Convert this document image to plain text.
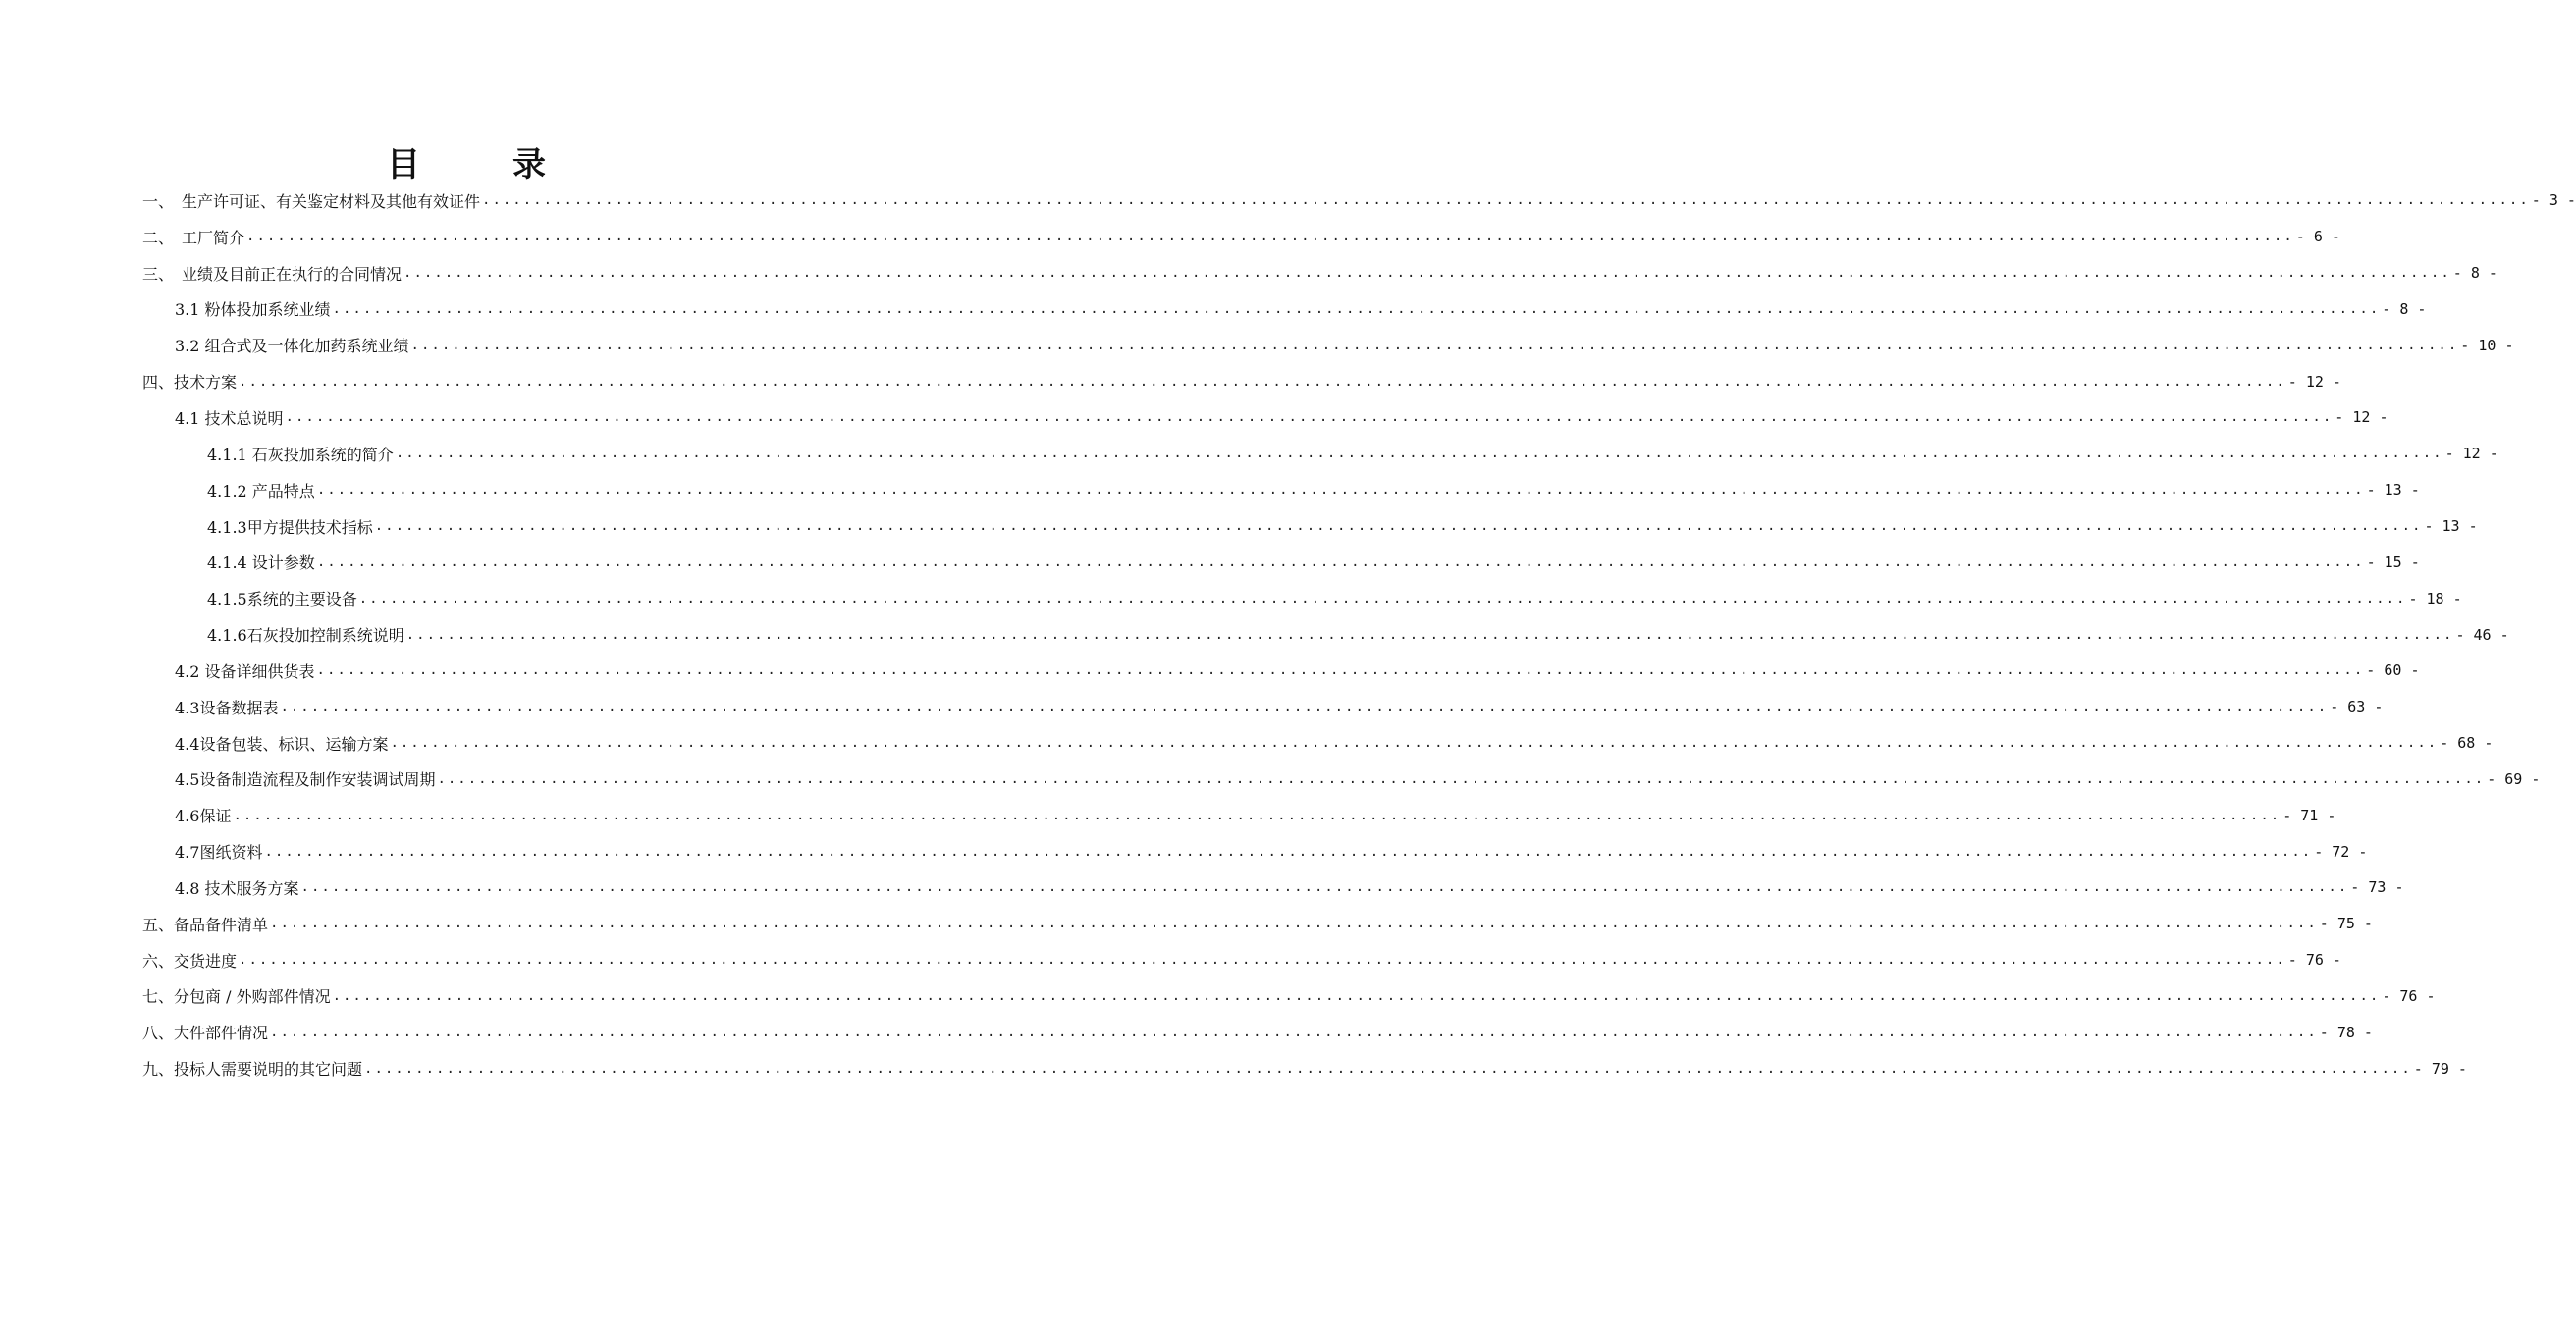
目　录
一、　生产许可证、有关鉴定材料及其他有效证件 ........................................................................................................................................................................................................ - 3 -
二、　工厂简介 ........................................................................................................................................................................................................ - 6 -
三、　业绩及目前正在执行的合同情况 ........................................................................................................................................................................................................ - 8 -
3.1 粉体投加系统业绩 ........................................................................................................................................................................................................ - 8 -
3.2 组合式及一体化加药系统业绩 ........................................................................................................................................................................................................ - 10 -
四、技术方案 ........................................................................................................................................................................................................ - 12 -
4.1 技术总说明 ........................................................................................................................................................................................................ - 12 -
4.1.1 石灰投加系统的简介 ........................................................................................................................................................................................................ - 12 -
4.1.2 产品特点 ........................................................................................................................................................................................................ - 13 -
4.1.3甲方提供技术指标 ........................................................................................................................................................................................................ - 13 -
4.1.4 设计参数 ........................................................................................................................................................................................................ - 15 -
4.1.5系统的主要设备 ........................................................................................................................................................................................................ - 18 -
4.1.6石灰投加控制系统说明 ........................................................................................................................................................................................................ - 46 -
4.2 设备详细供货表 ........................................................................................................................................................................................................ - 60 -
4.3设备数据表 ........................................................................................................................................................................................................ - 63 -
4.4设备包装、标识、运输方案 ........................................................................................................................................................................................................ - 68 -
4.5设备制造流程及制作安装调试周期 ........................................................................................................................................................................................................ - 69 -
4.6保证 ........................................................................................................................................................................................................ - 71 -
4.7图纸资料 ........................................................................................................................................................................................................ - 72 -
4.8 技术服务方案 ........................................................................................................................................................................................................ - 73 -
五、备品备件清单 ........................................................................................................................................................................................................ - 75 -
六、交货进度 ........................................................................................................................................................................................................ - 76 -
七、分包商 / 外购部件情况 ........................................................................................................................................................................................................ - 76 -
八、大件部件情况 ........................................................................................................................................................................................................ - 78 -
九、投标人需要说明的其它问题 ........................................................................................................................................................................................................ - 79 -
